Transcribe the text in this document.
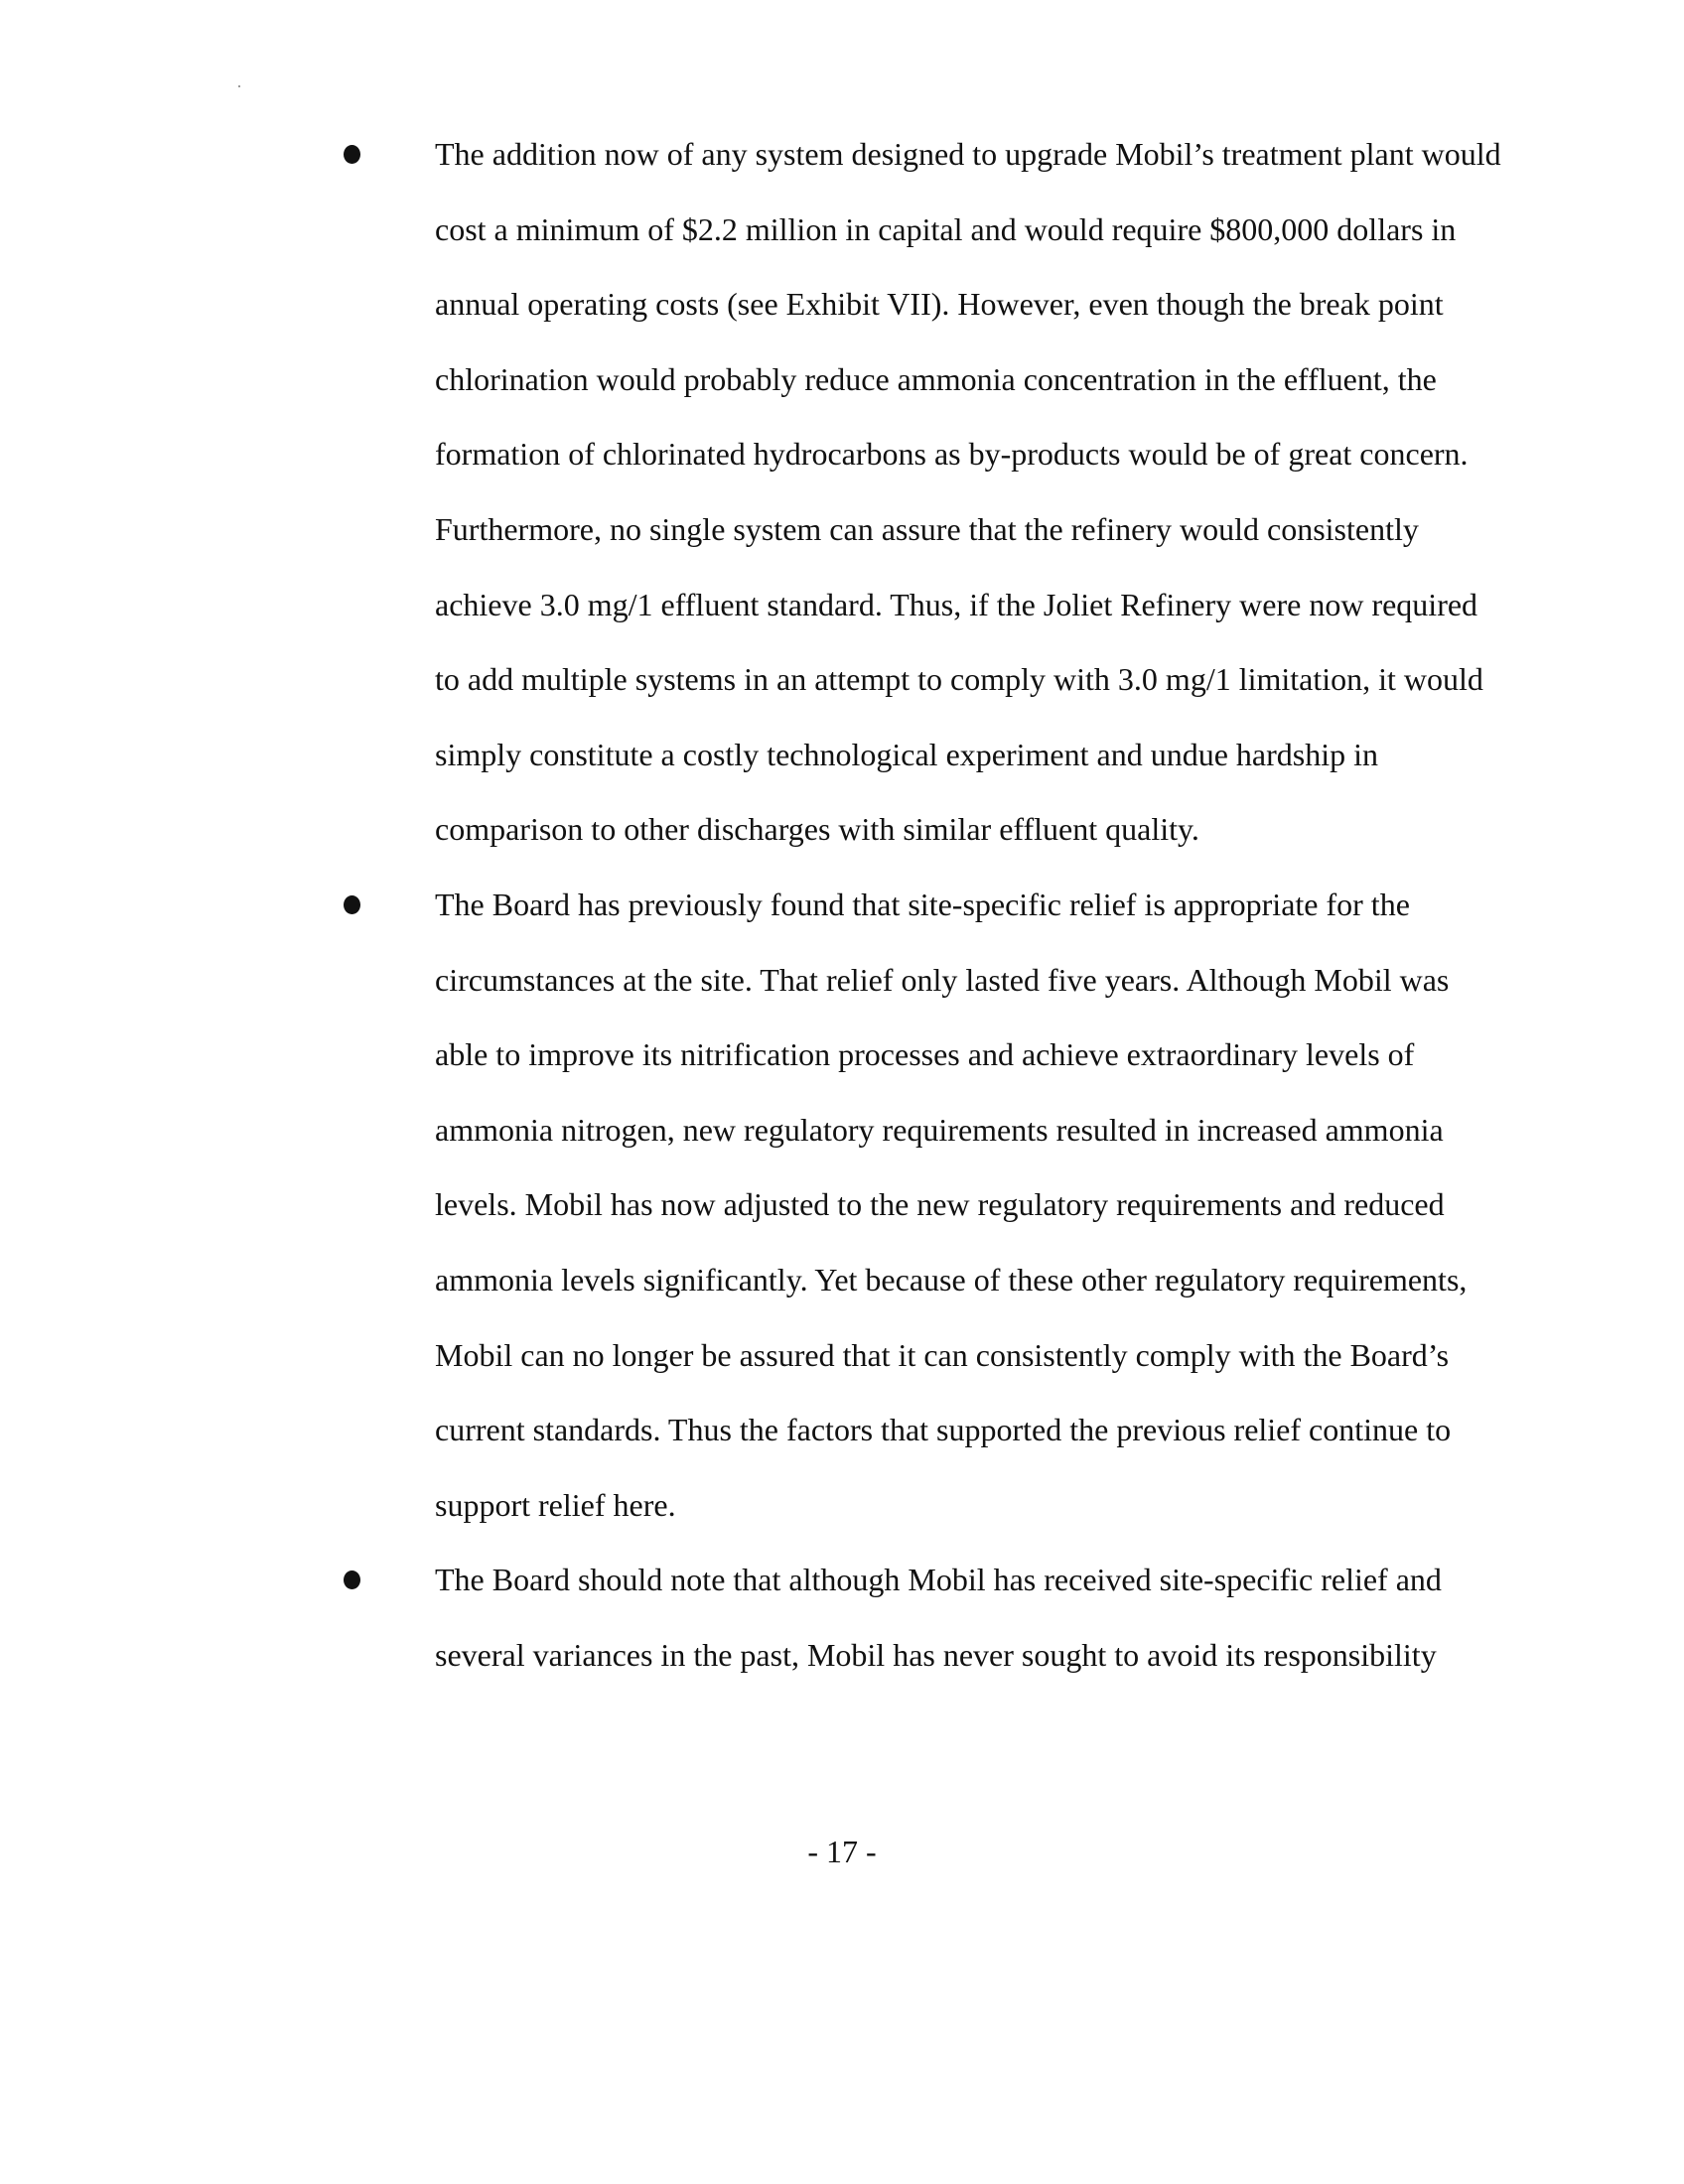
The addition now of any system designed to upgrade Mobil’s treatment plant would cost a minimum of $2.2 million in capital and would require $800,000 dollars in annual operating costs (see Exhibit VII). However, even though the break point chlorination would probably reduce ammonia concentration in the effluent, the formation of chlorinated hydrocarbons as by-products would be of great concern. Furthermore, no single system can assure that the refinery would consistently achieve 3.0 mg/1 effluent standard. Thus, if the Joliet Refinery were now required to add multiple systems in an attempt to comply with 3.0 mg/1 limitation, it would simply constitute a costly technological experiment and undue hardship in comparison to other discharges with similar effluent quality.

The Board has previously found that site-specific relief is appropriate for the circumstances at the site. That relief only lasted five years. Although Mobil was able to improve its nitrification processes and achieve extraordinary levels of ammonia nitrogen, new regulatory requirements resulted in increased ammonia levels. Mobil has now adjusted to the new regulatory requirements and reduced ammonia levels significantly. Yet because of these other regulatory requirements, Mobil can no longer be assured that it can consistently comply with the Board’s current standards. Thus the factors that supported the previous relief continue to support relief here.

The Board should note that although Mobil has received site-specific relief and several variances in the past, Mobil has never sought to avoid its responsibility

- 17 -
